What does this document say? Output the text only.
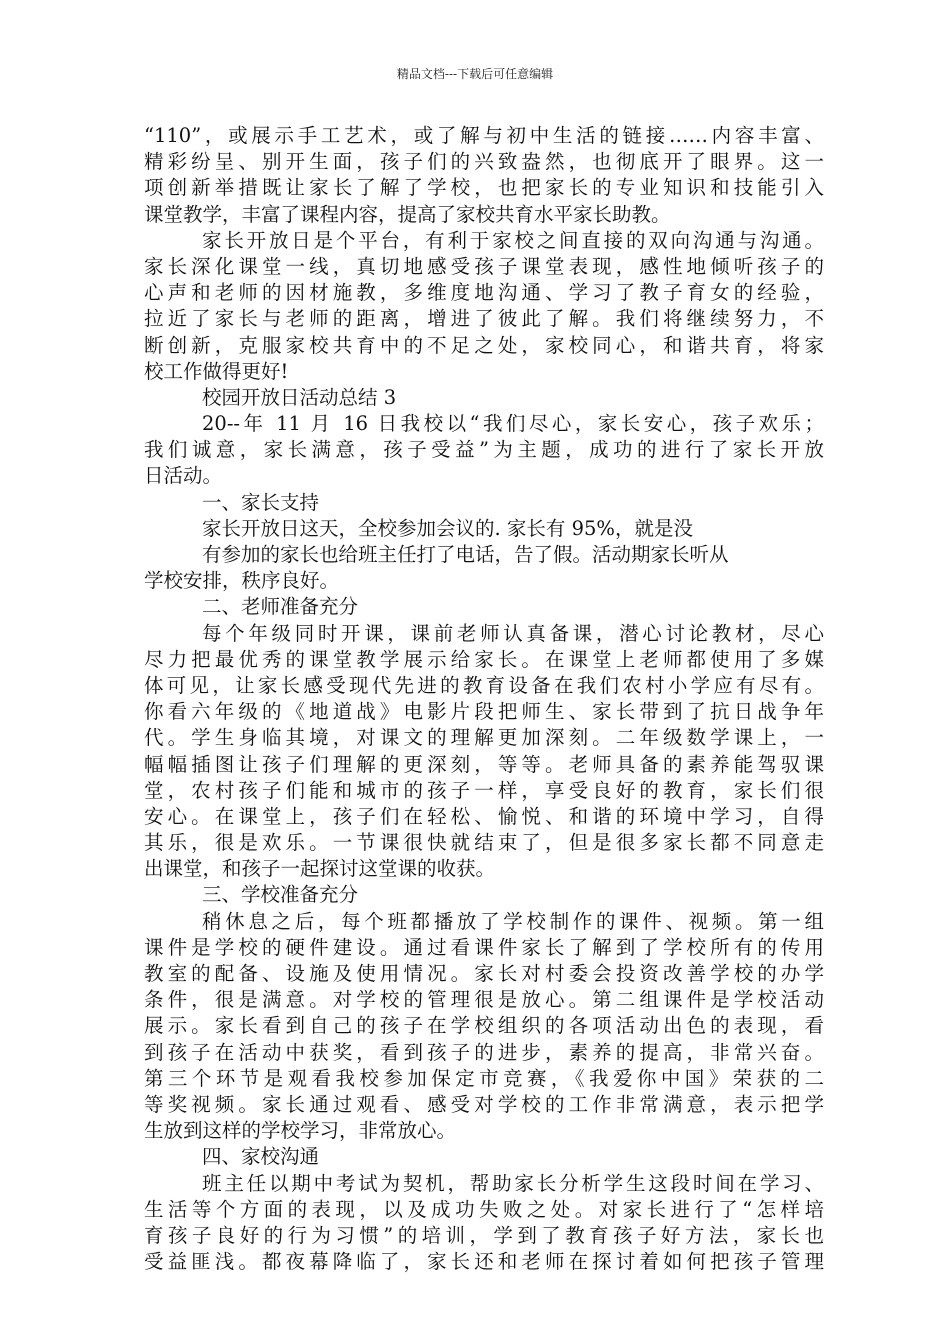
精品文档---下载后可任意编辑
“110”，或展示手工艺术，或了解与初中生活的链接……内容丰富、
精彩纷呈、别开生面，孩子们的兴致盎然，也彻底开了眼界。这一
项创新举措既让家长了解了学校，也把家长的专业知识和技能引入
课堂教学，丰富了课程内容，提高了家校共育水平家长助教。
家长开放日是个平台，有利于家校之间直接的双向沟通与沟通。
家长深化课堂一线，真切地感受孩子课堂表现，感性地倾听孩子的
心声和老师的因材施教，多维度地沟通、学习了教子育女的经验，
拉近了家长与老师的距离，增进了彼此了解。我们将继续努力，不
断创新，克服家校共育中的不足之处，家校同心，和谐共育，将家
校工作做得更好!
校园开放日活动总结 3
20--年 11 月 16 日我校以“我们尽心，家长安心，孩子欢乐；
我们诚意，家长满意，孩子受益”为主题，成功的进行了家长开放
日活动。
一、家长支持
家长开放日这天，全校参加会议的. 家长有 95%，就是没
有参加的家长也给班主任打了电话，告了假。活动期家长听从
学校安排，秩序良好。
二、老师准备充分
每个年级同时开课，课前老师认真备课，潜心讨论教材，尽心
尽力把最优秀的课堂教学展示给家长。在课堂上老师都使用了多媒
体可见，让家长感受现代先进的教育设备在我们农村小学应有尽有。
你看六年级的《地道战》电影片段把师生、家长带到了抗日战争年
代。学生身临其境，对课文的理解更加深刻。二年级数学课上，一
幅幅插图让孩子们理解的更深刻，等等。老师具备的素养能驾驭课
堂，农村孩子们能和城市的孩子一样，享受良好的教育，家长们很
安心。在课堂上，孩子们在轻松、愉悦、和谐的环境中学习，自得
其乐，很是欢乐。一节课很快就结束了，但是很多家长都不同意走
出课堂，和孩子一起探讨这堂课的收获。
三、学校准备充分
稍休息之后，每个班都播放了学校制作的课件、视频。第一组
课件是学校的硬件建设。通过看课件家长了解到了学校所有的传用
教室的配备、设施及使用情况。家长对村委会投资改善学校的办学
条件，很是满意。对学校的管理很是放心。第二组课件是学校活动
展示。家长看到自己的孩子在学校组织的各项活动出色的表现，看
到孩子在活动中获奖，看到孩子的进步，素养的提高，非常兴奋。
第三个环节是观看我校参加保定市竞赛，《我爱你中国》荣获的二
等奖视频。家长通过观看、感受对学校的工作非常满意，表示把学
生放到这样的学校学习，非常放心。
四、家校沟通
班主任以期中考试为契机，帮助家长分析学生这段时间在学习、
生活等个方面的表现，以及成功失败之处。对家长进行了“怎样培
育孩子良好的行为习惯”的培训，学到了教育孩子好方法，家长也
受益匪浅。都夜幕降临了，家长还和老师在探讨着如何把孩子管理
